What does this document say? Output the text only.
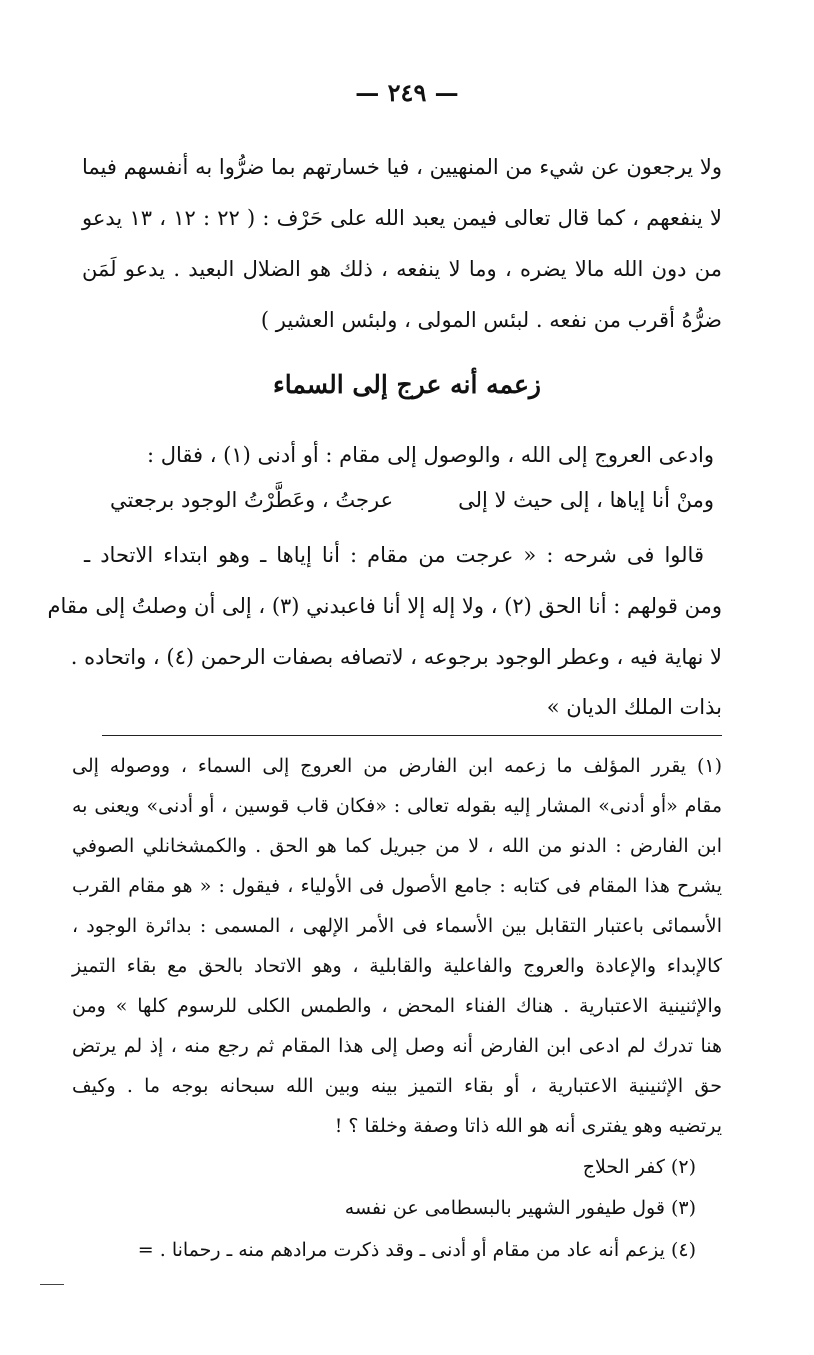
— ٢٤٩ —
ولا يرجعون عن شيء من المنهيين ، فيا خسارتهم بما ضرُّوا به أنفسهم فيما
لا ينفعهم ، كما قال تعالى فيمن يعبد الله على حَرْف : ( ٢٢ : ١٢ ، ١٣ يدعو
من دون الله مالا يضره ، وما لا ينفعه ، ذلك هو الضلال البعيد . يدعو لَمَن
ضرُّهُ أقرب من نفعه . لبئس المولى ، ولبئس العشير )
زعمه أنه عرج إلى السماء
وادعى العروج إلى الله ، والوصول إلى مقام : أو أدنى (١) ، فقال :
ومنْ أنا إياها ، إلى حيث لا إلى
عرجتُ ، وعَطَّرْتُ الوجود برجعتي
قالوا فى شرحه : « عرجت من مقام : أنا إياها ـ وهو ابتداء الاتحاد ـ
ومن قولهم : أنا الحق (٢) ، ولا إله إلا أنا فاعبدني (٣) ، إلى أن وصلتُ إلى مقام
لا نهاية فيه ، وعطر الوجود برجوعه ، لاتصافه بصفات الرحمن (٤) ، واتحاده .
بذات الملك الديان »
(١) يقرر المؤلف ما زعمه ابن الفارض من العروج إلى السماء ، ووصوله إلى
مقام «أو أدنى» المشار إليه بقوله تعالى : «فكان قاب قوسين ، أو أدنى» ويعنى به
ابن الفارض : الدنو من الله ، لا من جبريل كما هو الحق . والكمشخانلي الصوفي
يشرح هذا المقام فى كتابه : جامع الأصول فى الأولياء ، فيقول : « هو مقام القرب
الأسمائى باعتبار التقابل بين الأسماء فى الأمر الإلهى ، المسمى : بدائرة الوجود ،
كالإبداء والإعادة والعروج والفاعلية والقابلية ، وهو الاتحاد بالحق مع بقاء التميز
والإثنينية الاعتبارية . هناك الفناء المحض ، والطمس الكلى للرسوم كلها » ومن
هنا تدرك لم ادعى ابن الفارض أنه وصل إلى هذا المقام ثم رجع منه ، إذ لم يرتض
حق الإثنينية الاعتبارية ، أو بقاء التميز بينه وبين الله سبحانه بوجه ما . وكيف
يرتضيه وهو يفترى أنه هو الله ذاتا وصفة وخلقا ؟ !
(٢) كفر الحلاج
(٣) قول طيفور الشهير بالبسطامى عن نفسه
(٤) يزعم أنه عاد من مقام أو أدنى ـ وقد ذكرت مرادهم منه ـ رحمانا . =
